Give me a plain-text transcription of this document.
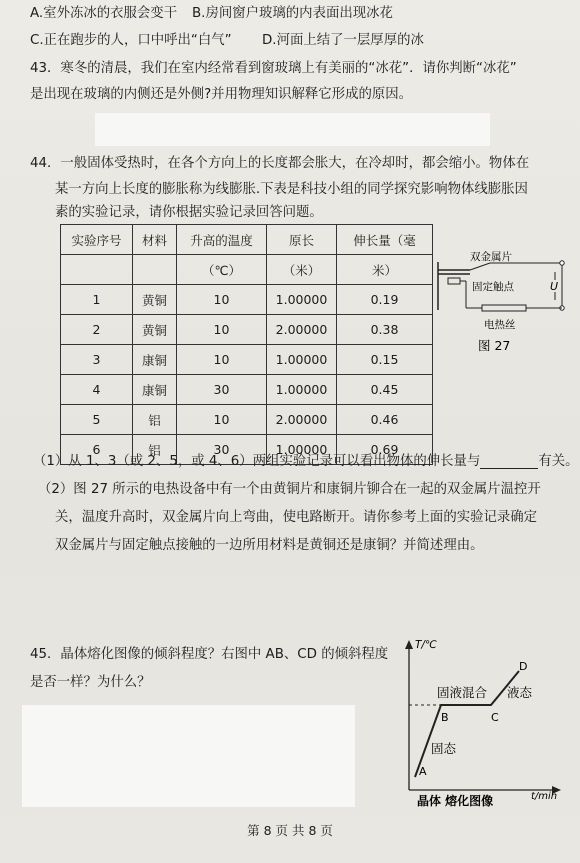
A.室外冻冰的衣服会变干 B.房间窗户玻璃的内表面出现冰花
C.正在跑步的人，口中呼出“白气” D.河面上结了一层厚厚的冰
43．寒冬的清晨，我们在室内经常看到窗玻璃上有美丽的“冰花”．请你判断“冰花”
是出现在玻璃的内侧还是外侧?并用物理知识解释它形成的原因。
44．一般固体受热时，在各个方向上的长度都会胀大，在冷却时，都会缩小。物体在
某一方向上长度的膨胀称为线膨胀.下表是科技小组的同学探究影响物体线膨胀因
素的实验记录，请你根据实验记录回答问题。
实验序号	材料	升高的温度	原长	伸长量（毫
		（℃）	（米）	米）
1	黄铜	10	1.00000	0.19
2	黄铜	10	2.00000	0.38
3	康铜	10	1.00000	0.15
4	康铜	30	1.00000	0.45
5	铝	10	2.00000	0.46
6	铝	30	1.00000	0.69
双金属片
固定触点	U
电热丝
图 27
（1）从 1、3（或 2、5，或 4、6）两组实验记录可以看出物体的伸长量与	有关。
（2）图 27 所示的电热设备中有一个由黄铜片和康铜片铆合在一起的双金属片温控开
关，温度升高时，双金属片向上弯曲，使电路断开。请你参考上面的实验记录确定
双金属片与固定触点接触的一边所用材料是黄铜还是康铜？并简述理由。
45．晶体熔化图像的倾斜程度？右图中 AB、CD 的倾斜程度
是否一样？为什么？
T/℃
t/min
A
B	C
D
固态
固液混合 液态
晶体 熔化图像
第 8 页 共 8 页
